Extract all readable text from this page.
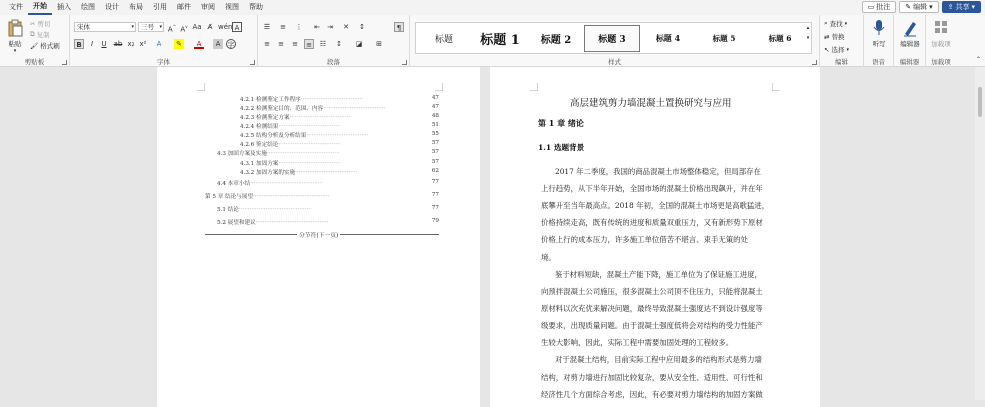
文件	开始	插入	绘图	设计	布局	引用	邮件	审阅	视图	帮助	▭ 批注 ✎ 编辑 ▾ ⇪ 共享 ▾
粘贴
▾
✂ 剪切
⧉ 复制
🖌 格式刷
剪贴板
宋体	▾	三号 ▾ A^ $A^v$ Aa A̸ wén A
B	I	U	ab x₂ x²	A	✎	A	A	字
字体
☰ ≡ ⋮ ⇤ ⇥ ✕ ↕	¶
≡ ≡ ≡ ≡ ☷ ↕ ◪ ⊞
段落	样式
标题 标题 1 标题 2	标题 3	标题 4	标题 5	标题 6
▴
▾
⌕ 查找 ▾
⇄ 替换
↖ 选择 ▾
编辑
听写
语音
编辑器
编辑器
加载项
加载项	⌃
4.2.1 检测鉴定工作程序···································	47
4.2.2 检测鉴定目的、范围、内容···································	47
4.2.3 检测鉴定方案···································	48
4.2.4 检测结果···································	51
4.2.5 结构分析及分析结果···································	55
4.2.6 鉴定结论···································	57
4.3 加固方案及实施·········································	57
4.3.1 加固方案···································	57
4.3.2 加固方案的实施···································	62
4.4 本章小结·········································	77
第 5 章 结论与展望···········································	77
5.1 结论·········································	77
5.2 展望和建议·········································	79
分节符(下一页)
高层建筑剪力墙混凝土置换研究与应用
第 1 章 绪论
1.1 选题背景
2017 年二季度，我国的商品混凝土市场整体稳定，但局部存在
上行趋势，从下半年开始，全国市场的混凝土价格出现飙升，并在年
底攀升至当年最高点。2018 年初，全国的混凝土市场更是高歌猛进，
价格持续走高，既有传统的进度和质量双重压力，又有新形势下原材
价格上行的成本压力，许多施工单位借苦不堪言、束手无策的处
境。
鉴于材料短缺，混凝土产能下降，施工单位为了保证施工进度，
向预拌混凝土公司施压，很多混凝土公司顶不住压力，只能将混凝土
原材料以次充优来解决问题，最终导致混凝土强度达不到设计强度等
级要求，出现质量问题。由于混凝土强度低将会对结构的受力性能产
生较大影响，因此，实际工程中需要加固处理的工程较多。
对于混凝土结构，目前实际工程中应用最多的结构形式是剪力墙
结构，对剪力墙进行加固比较复杂，要从安全性、适用性、可行性和
经济性几个方面综合考虑，因此，有必要对剪力墙结构的加固方案做
